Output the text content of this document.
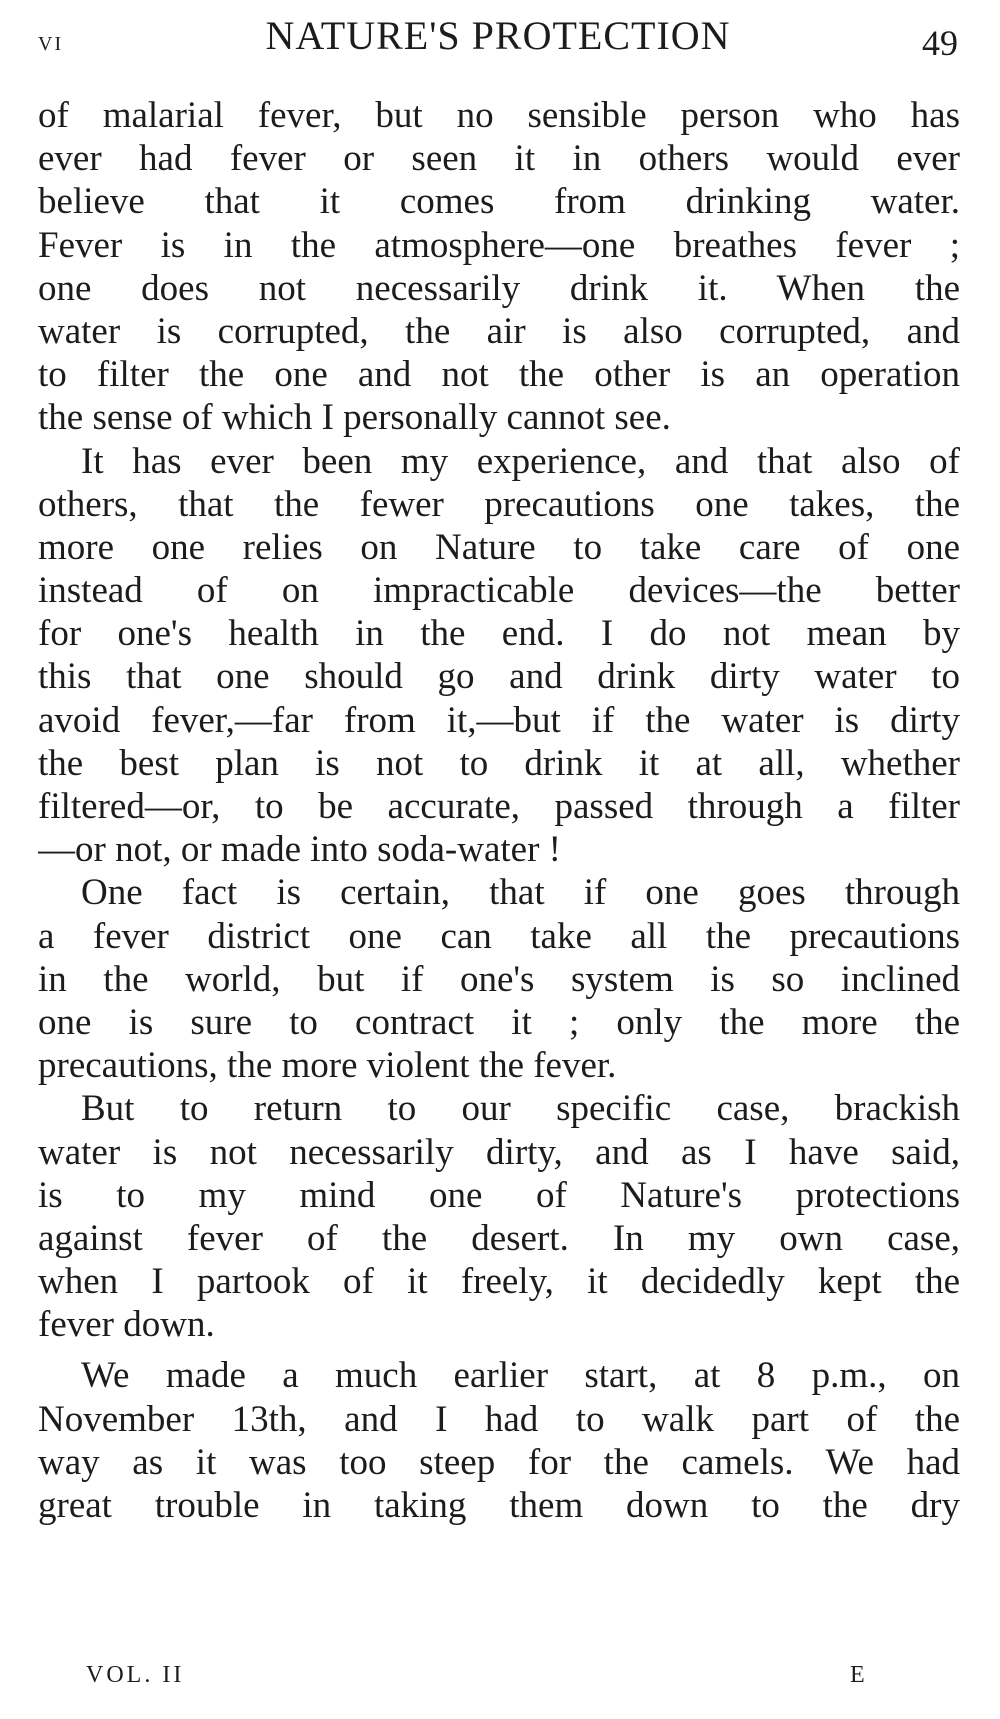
vi	NATURE'S PROTECTION	49
of malarial fever, but no sensible person who has
ever had fever or seen it in others would ever
believe that it comes from drinking water.
Fever is in the atmosphere—one breathes fever ;
one does not necessarily drink it. When the
water is corrupted, the air is also corrupted, and
to filter the one and not the other is an operation
the sense of which I personally cannot see.
It has ever been my experience, and that also of
others, that the fewer precautions one takes, the
more one relies on Nature to take care of one
instead of on impracticable devices—the better
for one's health in the end. I do not mean by
this that one should go and drink dirty water to
avoid fever,—far from it,—but if the water is dirty
the best plan is not to drink it at all, whether
filtered—or, to be accurate, passed through a filter
—or not, or made into soda-water !
One fact is certain, that if one goes through
a fever district one can take all the precautions
in the world, but if one's system is so inclined
one is sure to contract it ; only the more the
precautions, the more violent the fever.
But to return to our specific case, brackish
water is not necessarily dirty, and as I have said,
is to my mind one of Nature's protections
against fever of the desert. In my own case,
when I partook of it freely, it decidedly kept the
fever down.
We made a much earlier start, at 8 p.m., on
November 13th, and I had to walk part of the
way as it was too steep for the camels. We had
great trouble in taking them down to the dry
VOL. II	E
